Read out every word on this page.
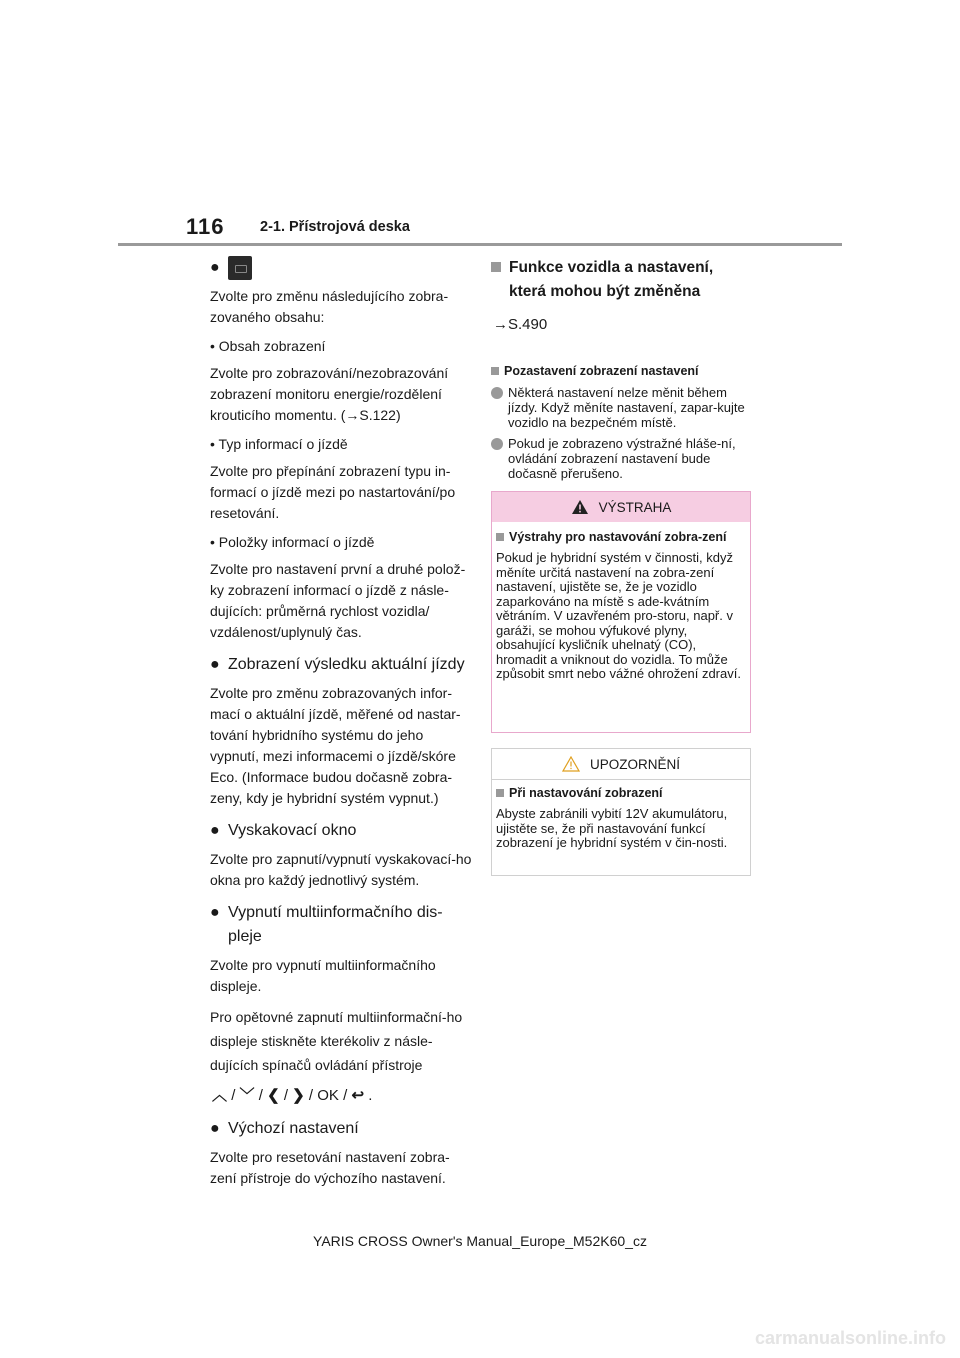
116 2-1. Přístrojová deska
●

Zvolte pro změnu následujícího zobra-zovaného obsahu:

• Obsah zobrazení

Zvolte pro zobrazování/nezobrazování zobrazení monitoru energie/rozdělení krouticího momentu. (→S.122)

• Typ informací o jízdě

Zvolte pro přepínání zobrazení typu in-formací o jízdě mezi po nastartování/po resetování.

• Položky informací o jízdě

Zvolte pro nastavení první a druhé polož-ky zobrazení informací o jízdě z násle-dujících: průměrná rychlost vozidla/ vzdálenost/uplynulý čas.

● Zobrazení výsledku aktuální jízdy

Zvolte pro změnu zobrazovaných infor-mací o aktuální jízdě, měřené od nastar-tování hybridního systému do jeho vypnutí, mezi informacemi o jízdě/skóre Eco. (Informace budou dočasně zobra-zeny, kdy je hybridní systém vypnut.)

● Vyskakovací okno

Zvolte pro zapnutí/vypnutí vyskakovací-ho okna pro každý jednotlivý systém.

● Vypnutí multiinformačního dis-pleje

Zvolte pro vypnutí multiinformačního displeje.

Pro opětovné zapnutí multiinformační-ho displeje stiskněte kterékoliv z násle-dujících spínačů ovládání přístroje

︿ / ﹀ / ❮ / ❯ / OK / ↩ .
● Výchozí nastavení

Zvolte pro resetování nastavení zobra-zení přístroje do výchozího nastavení.

Funkce vozidla a nastavení, která mohou být změněna
→S.490
Pozastavení zobrazení nastavení
Některá nastavení nelze měnit během jízdy. Když měníte nastavení, zapar-kujte vozidlo na bezpečném místě.
Pokud je zobrazeno výstražné hláše-ní, ovládání zobrazení nastavení bude dočasně přerušeno.
VÝSTRAHA
Výstrahy pro nastavování zobra-zení

Pokud je hybridní systém v činnosti, když měníte určitá nastavení na zobra-zení nastavení, ujistěte se, že je vozidlo zaparkováno na místě s ade-kvátním větráním. V uzavřeném pro-storu, např. v garáži, se mohou výfukové plyny, obsahující kysličník uhelnatý (CO), hromadit a vniknout do vozidla. To může způsobit smrt nebo vážné ohrožení zdraví.

UPOZORNĚNÍ
Při nastavování zobrazení

Abyste zabránili vybití 12V akumulátoru, ujistěte se, že při nastavování funkcí zobrazení je hybridní systém v čin-nosti.

YARIS CROSS Owner's Manual_Europe_M52K60_cz
carmanualsonline.info
